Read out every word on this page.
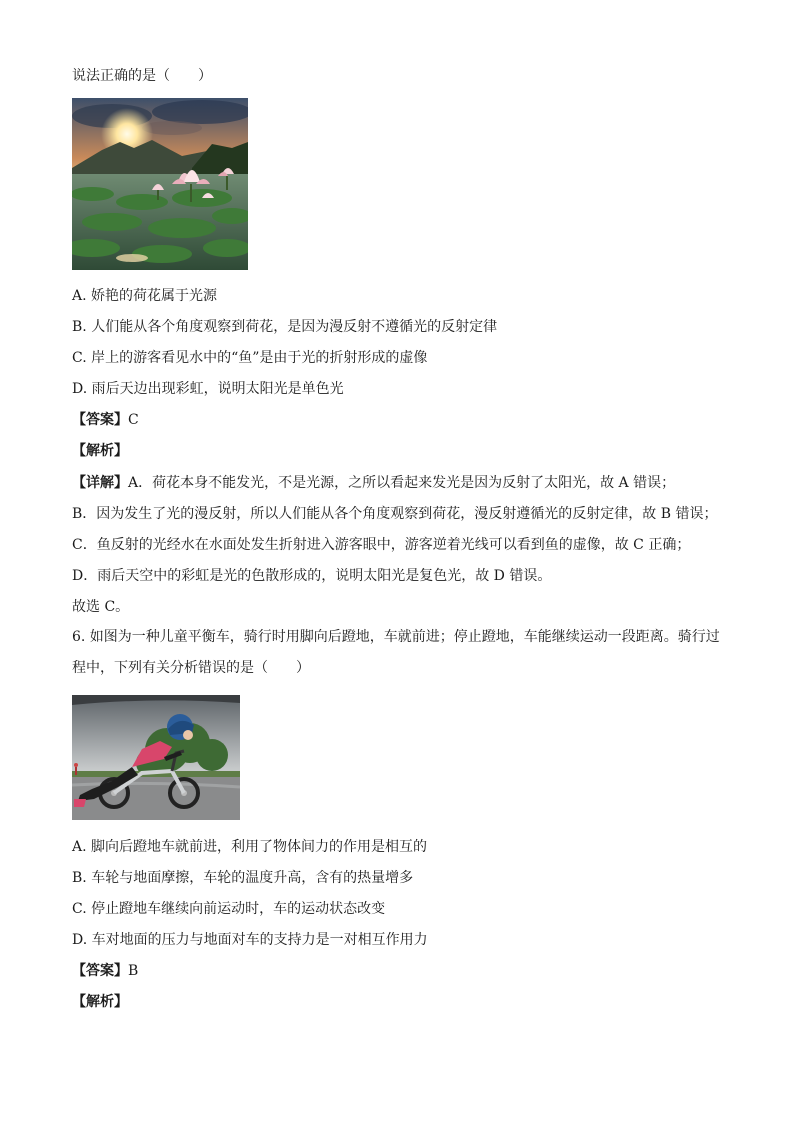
说法正确的是（　　）
A. 娇艳的荷花属于光源
B. 人们能从各个角度观察到荷花，是因为漫反射不遵循光的反射定律
C. 岸上的游客看见水中的“鱼”是由于光的折射形成的虚像
D. 雨后天边出现彩虹，说明太阳光是单色光
【答案】C
【解析】
【详解】A．荷花本身不能发光，不是光源，之所以看起来发光是因为反射了太阳光，故 A 错误；
B．因为发生了光的漫反射，所以人们能从各个角度观察到荷花，漫反射遵循光的反射定律，故 B 错误；
C．鱼反射的光经水在水面处发生折射进入游客眼中，游客逆着光线可以看到鱼的虚像，故 C 正确；
D．雨后天空中的彩虹是光的色散形成的，说明太阳光是复色光，故 D 错误。
故选 C。
6. 如图为一种儿童平衡车，骑行时用脚向后蹬地，车就前进；停止蹬地，车能继续运动一段距离。骑行过程中，下列有关分析错误的是（　　）
A. 脚向后蹬地车就前进，利用了物体间力的作用是相互的
B. 车轮与地面摩擦，车轮的温度升高，含有的热量增多
C. 停止蹬地车继续向前运动时，车的运动状态改变
D. 车对地面的压力与地面对车的支持力是一对相互作用力
【答案】B
【解析】
